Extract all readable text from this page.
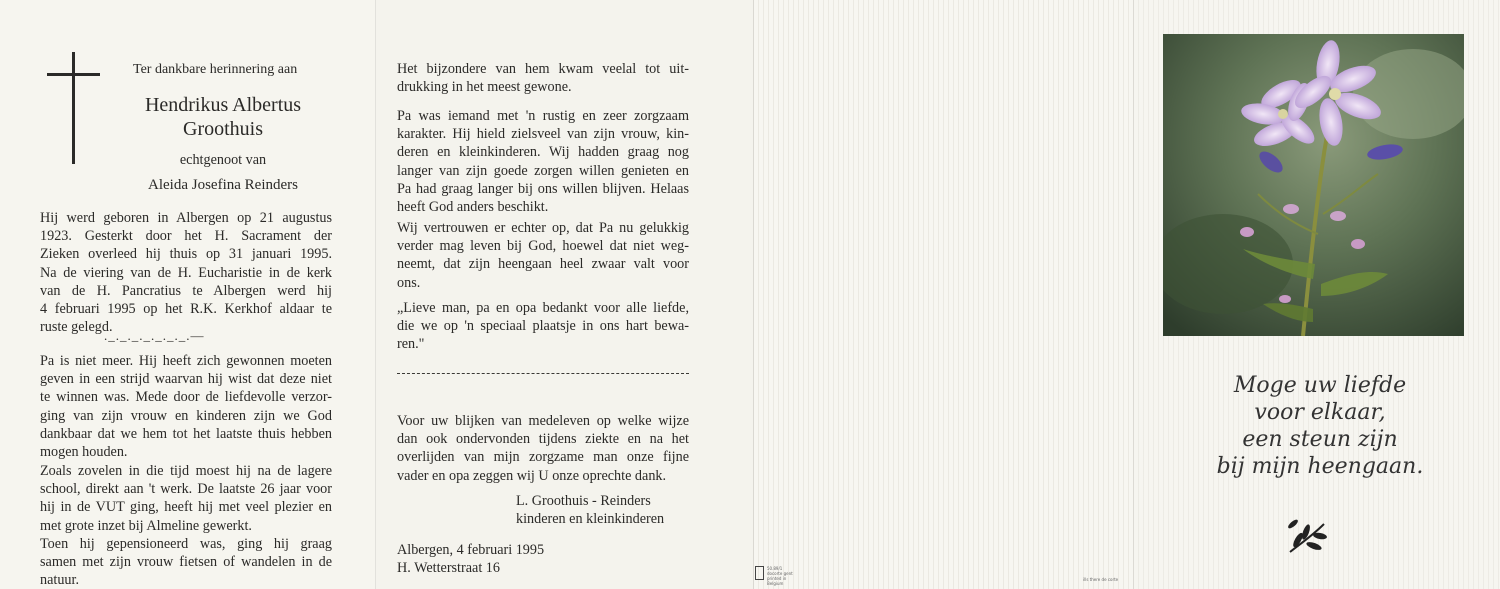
Ter dankbare herinnering aan
Hendrikus Albertus
Groothuis
echtgenoot van
Aleida Josefina Reinders
Hij werd geboren in Albergen op 21 augustus
1923. Gesterkt door het H. Sacrament der
Zieken overleed hij thuis op 31 januari 1995.
Na de viering van de H. Eucharistie in de kerk
van de H. Pancratius te Albergen werd hij
4 februari 1995 op het R.K. Kerkhof aldaar te
ruste gelegd.
._._._._._._._.—
Pa is niet meer. Hij heeft zich gewonnen moeten
geven in een strijd waarvan hij wist dat deze niet
te winnen was. Mede door de liefdevolle verzor-
ging van zijn vrouw en kinderen zijn we God
dankbaar dat we hem tot het laatste thuis hebben
mogen houden.
Zoals zovelen in die tijd moest hij na de lagere
school, direkt aan 't werk. De laatste 26 jaar voor
hij in de VUT ging, heeft hij met veel plezier en
met grote inzet bij Almeline gewerkt.
Toen hij gepensioneerd was, ging hij graag
samen met zijn vrouw fietsen of wandelen in de
natuur.
Het bijzondere van hem kwam veelal tot uit-
drukking in het meest gewone.
Pa was iemand met 'n rustig en zeer zorgzaam
karakter. Hij hield zielsveel van zijn vrouw, kin-
deren en kleinkinderen. Wij hadden graag nog
langer van zijn goede zorgen willen genieten en
Pa had graag langer bij ons willen blijven. Helaas
heeft God anders beschikt.
Wij vertrouwen er echter op, dat Pa nu gelukkig
verder mag leven bij God, hoewel dat niet weg-
neemt, dat zijn heengaan heel zwaar valt voor
ons.
„Lieve man, pa en opa bedankt voor alle liefde,
die we op 'n speciaal plaatsje in ons hart bewa-
ren."
Voor uw blijken van medeleven op welke wijze
dan ook ondervonden tijdens ziekte en na het
overlijden van mijn zorgzame man onze fijne
vader en opa zeggen wij U onze oprechte dank.
L. Groothuis - Reinders
kinderen en kleinkinderen
Albergen, 4 februari 1995
H. Wetterstraat 16	50.89/1 docorte gent printed in Belgium
ills there de corte
Moge uw liefde
voor elkaar,
een steun zijn
bij mijn heengaan.
